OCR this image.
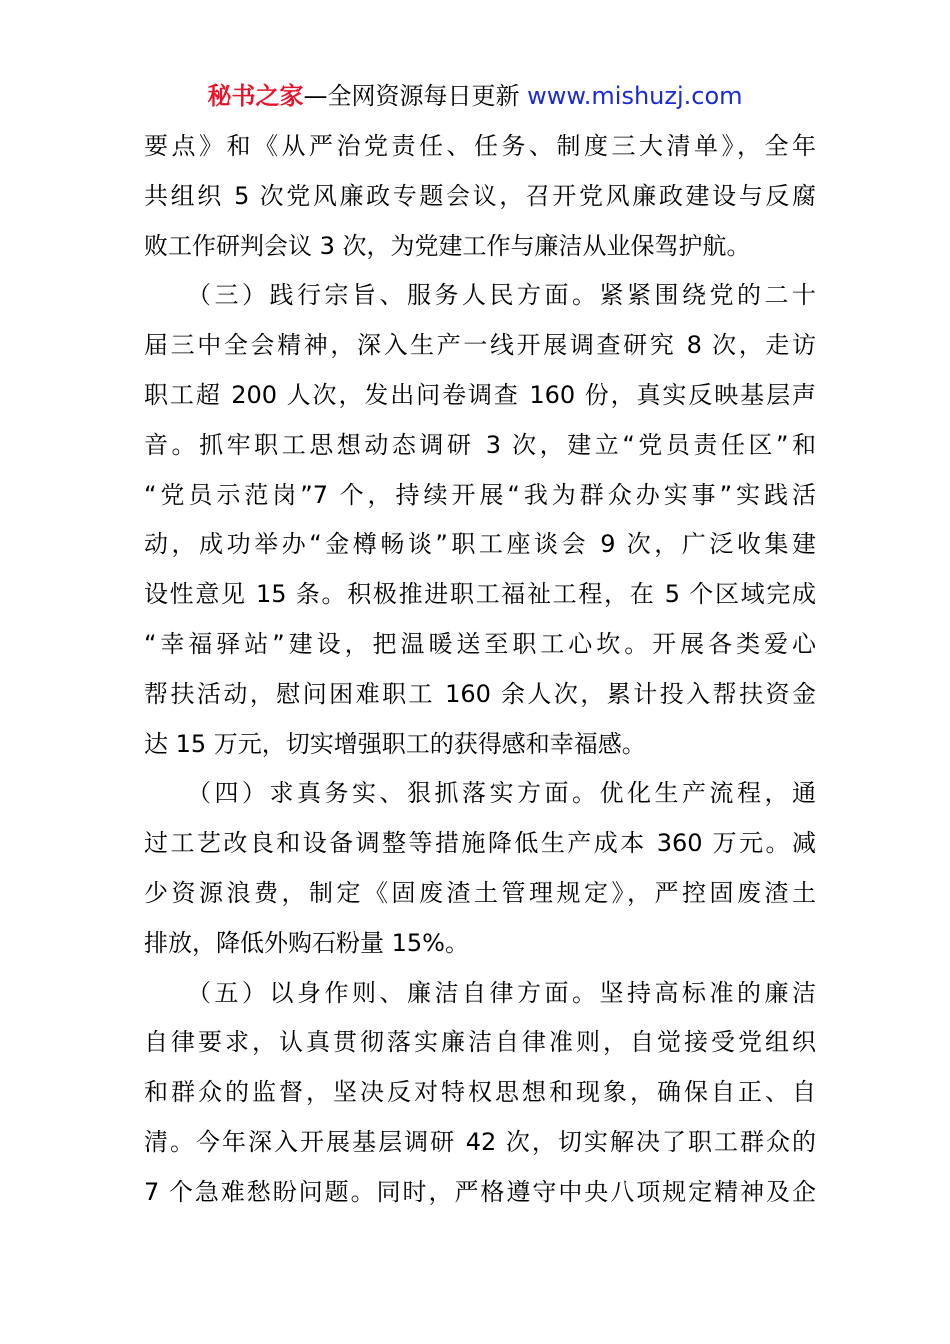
秘书之家—全网资源每日更新 www.mishuzj.com
要点》和《从严治党责任、任务、制度三大清单》，全年
共组织 5 次党风廉政专题会议，召开党风廉政建设与反腐
败工作研判会议 3 次，为党建工作与廉洁从业保驾护航。
　　（三）践行宗旨、服务人民方面。紧紧围绕党的二十
届三中全会精神，深入生产一线开展调查研究 8 次，走访
职工超 200 人次，发出问卷调查 160 份，真实反映基层声
音。抓牢职工思想动态调研 3 次，建立“党员责任区”和
“党员示范岗”7 个，持续开展“我为群众办实事”实践活
动，成功举办“金樽畅谈”职工座谈会 9 次，广泛收集建
设性意见 15 条。积极推进职工福祉工程，在 5 个区域完成
“幸福驿站”建设，把温暖送至职工心坎。开展各类爱心
帮扶活动，慰问困难职工 160 余人次，累计投入帮扶资金
达 15 万元，切实增强职工的获得感和幸福感。
　　（四）求真务实、狠抓落实方面。优化生产流程，通
过工艺改良和设备调整等措施降低生产成本 360 万元。减
少资源浪费，制定《固废渣土管理规定》，严控固废渣土
排放，降低外购石粉量 15%。
　　（五）以身作则、廉洁自律方面。坚持高标准的廉洁
自律要求，认真贯彻落实廉洁自律准则，自觉接受党组织
和群众的监督，坚决反对特权思想和现象，确保自正、自
清。今年深入开展基层调研 42 次，切实解决了职工群众的
7 个急难愁盼问题。同时，严格遵守中央八项规定精神及企
